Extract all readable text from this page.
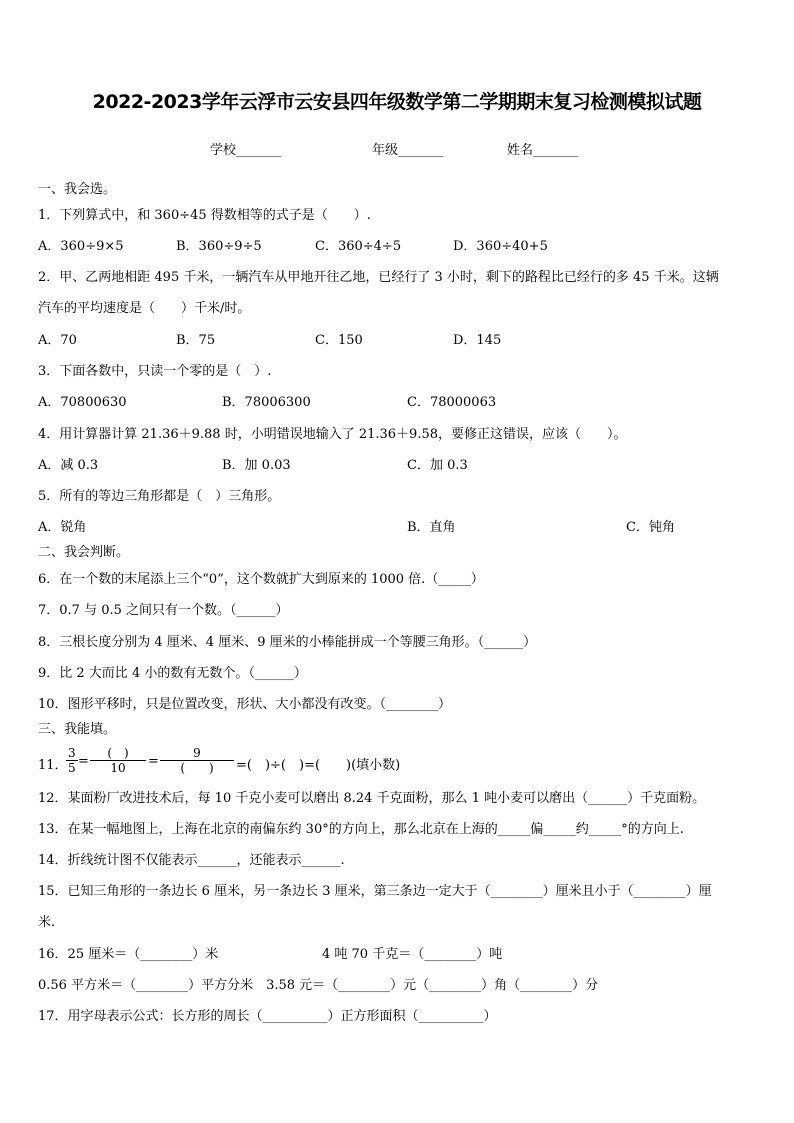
2022-2023学年云浮市云安县四年级数学第二学期期末复习检测模拟试题
学校_______	年级_______	姓名_______
一、我会选。
1．下列算式中，和 360÷45 得数相等的式子是（　　）.
A．360÷9×5	B．360÷9÷5	C．360÷4÷5	D．360÷40+5
2．甲、乙两地相距 495 千米，一辆汽车从甲地开往乙地，已经行了 3 小时，剩下的路程比已经行的多 45 千米。这辆
汽车的平均速度是（　　）千米/时。
A．70	B．75	C．150	D．145
3．下面各数中，只读一个零的是（　）.
A．70800630	B．78006300	C．78000063
4．用计算器计算 21.36＋9.88 时，小明错误地输入了 21.36＋9.58，要修正这错误，应该（　　）。
A．减 0.3	B．加 0.03	C．加 0.3
5．所有的等边三角形都是（　）三角形。
A．锐角	B．直角	C．钝角
二、我会判断。
6．在一个数的末尾添上三个“0”，这个数就扩大到原来的 1000 倍.（_____）
7．0.7 与 0.5 之间只有一个数。（______）
8．三根长度分别为 4 厘米、4 厘米、9 厘米的小棒能拼成一个等腰三角形。（______）
9．比 2 大而比 4 小的数有无数个。（______）
10．图形平移时，只是位置改变，形状、大小都没有改变。（________）
三、我能填。
11．
$\frac{3}{5}$ =
(　)
10	=
9
(　　)	=(　)÷(　)=(　　)(填小数)
12．某面粉厂改进技术后，每 10 千克小麦可以磨出 8.24 千克面粉，那么 1 吨小麦可以磨出（______）千克面粉。
13．在某一幅地图上，上海在北京的南偏东约 30°的方向上，那么北京在上海的_____偏_____约_____°的方向上.
14．折线统计图不仅能表示______，还能表示______.
15．已知三角形的一条边长 6 厘米，另一条边长 3 厘米，第三条边一定大于（________）厘米且小于（________）厘
米.
16．25 厘米＝（________）米	4 吨 70 千克＝（________）吨
0.56 平方米＝（________）平方分米　3.58 元＝（________）元（________）角（________）分
17．用字母表示公式：长方形的周长（__________）正方形面积（__________）
